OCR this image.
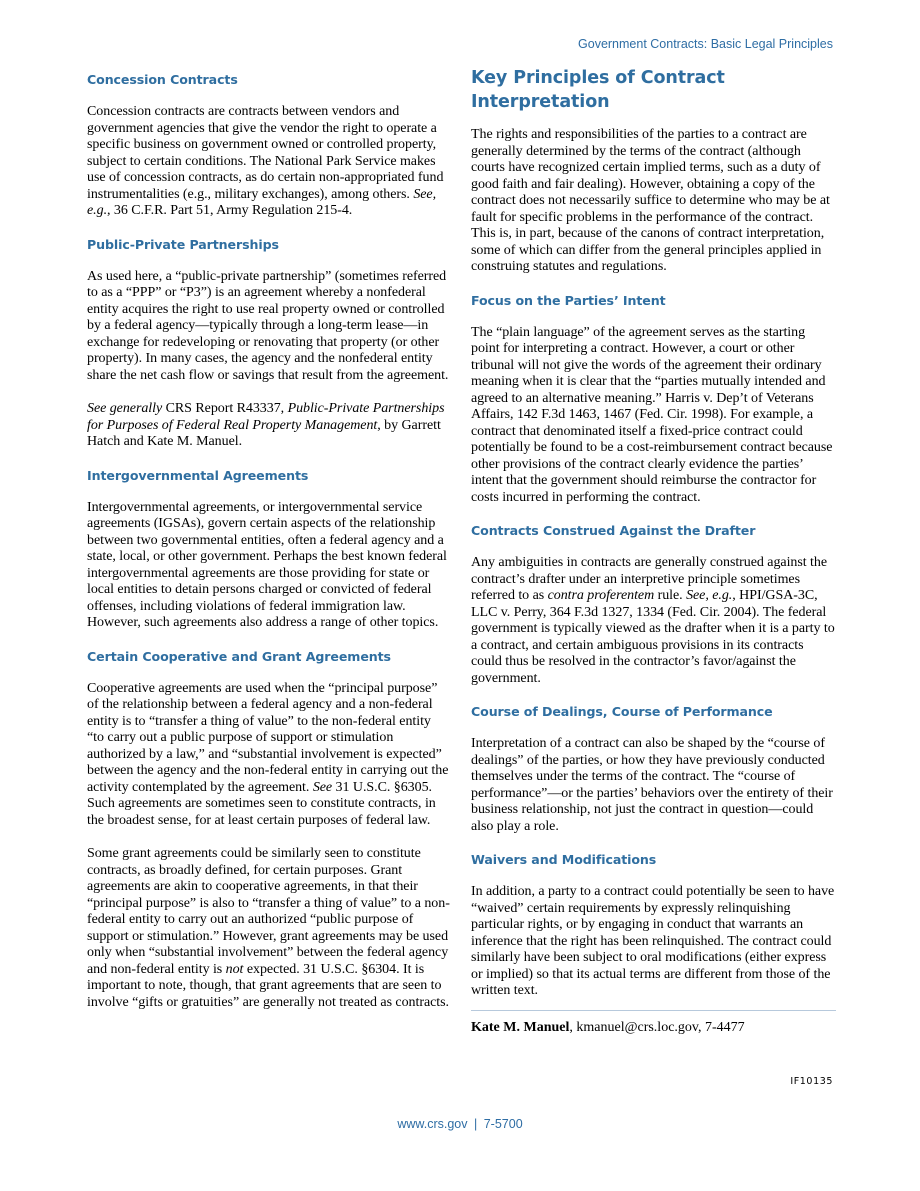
Government Contracts: Basic Legal Principles
Concession Contracts

Concession contracts are contracts between vendors and government agencies that give the vendor the right to operate a specific business on government owned or controlled property, subject to certain conditions. The National Park Service makes use of concession contracts, as do certain non-appropriated fund instrumentalities (e.g., military exchanges), among others. See, e.g., 36 C.F.R. Part 51, Army Regulation 215-4.

Public-Private Partnerships

As used here, a “public-private partnership” (sometimes referred to as a “PPP” or “P3”) is an agreement whereby a nonfederal entity acquires the right to use real property owned or controlled by a federal agency—typically through a long-term lease—in exchange for redeveloping or renovating that property (or other property). In many cases, the agency and the nonfederal entity share the net cash flow or savings that result from the agreement.

See generally CRS Report R43337, Public-Private Partnerships for Purposes of Federal Real Property Management, by Garrett Hatch and Kate M. Manuel.

Intergovernmental Agreements

Intergovernmental agreements, or intergovernmental service agreements (IGSAs), govern certain aspects of the relationship between two governmental entities, often a federal agency and a state, local, or other government. Perhaps the best known federal intergovernmental agreements are those providing for state or local entities to detain persons charged or convicted of federal offenses, including violations of federal immigration law. However, such agreements also address a range of other topics.

Certain Cooperative and Grant Agreements

Cooperative agreements are used when the “principal purpose” of the relationship between a federal agency and a non-federal entity is to “transfer a thing of value” to the non-federal entity “to carry out a public purpose of support or stimulation authorized by a law,” and “substantial involvement is expected” between the agency and the non-federal entity in carrying out the activity contemplated by the agreement. See 31 U.S.C. §6305. Such agreements are sometimes seen to constitute contracts, in the broadest sense, for at least certain purposes of federal law.

Some grant agreements could be similarly seen to constitute contracts, as broadly defined, for certain purposes. Grant agreements are akin to cooperative agreements, in that their “principal purpose” is also to “transfer a thing of value” to a non-federal entity to carry out an authorized “public purpose of support or stimulation.” However, grant agreements may be used only when “substantial involvement” between the federal agency and non-federal entity is not expected. 31 U.S.C. §6304. It is important to note, though, that grant agreements that are seen to involve “gifts or gratuities” are generally not treated as contracts.

Key Principles of Contract Interpretation

The rights and responsibilities of the parties to a contract are generally determined by the terms of the contract (although courts have recognized certain implied terms, such as a duty of good faith and fair dealing). However, obtaining a copy of the contract does not necessarily suffice to determine who may be at fault for specific problems in the performance of the contract. This is, in part, because of the canons of contract interpretation, some of which can differ from the general principles applied in construing statutes and regulations.

Focus on the Parties’ Intent

The “plain language” of the agreement serves as the starting point for interpreting a contract. However, a court or other tribunal will not give the words of the agreement their ordinary meaning when it is clear that the “parties mutually intended and agreed to an alternative meaning.” Harris v. Dep’t of Veterans Affairs, 142 F.3d 1463, 1467 (Fed. Cir. 1998). For example, a contract that denominated itself a fixed-price contract could potentially be found to be a cost-reimbursement contract because other provisions of the contract clearly evidence the parties’ intent that the government should reimburse the contractor for costs incurred in performing the contract.

Contracts Construed Against the Drafter

Any ambiguities in contracts are generally construed against the contract’s drafter under an interpretive principle sometimes referred to as contra proferentem rule. See, e.g., HPI/GSA-3C, LLC v. Perry, 364 F.3d 1327, 1334 (Fed. Cir. 2004). The federal government is typically viewed as the drafter when it is a party to a contract, and certain ambiguous provisions in its contracts could thus be resolved in the contractor’s favor/against the government.

Course of Dealings, Course of Performance

Interpretation of a contract can also be shaped by the “course of dealings” of the parties, or how they have previously conducted themselves under the terms of the contract. The “course of performance”—or the parties’ behaviors over the entirety of their business relationship, not just the contract in question—could also play a role.

Waivers and Modifications

In addition, a party to a contract could potentially be seen to have “waived” certain requirements by expressly relinquishing particular rights, or by engaging in conduct that warrants an inference that the right has been relinquished. The contract could similarly have been subject to oral modifications (either express or implied) so that its actual terms are different from those of the written text.

Kate M. Manuel, kmanuel@crs.loc.gov, 7-4477

IF10135
www.crs.gov | 7-5700
